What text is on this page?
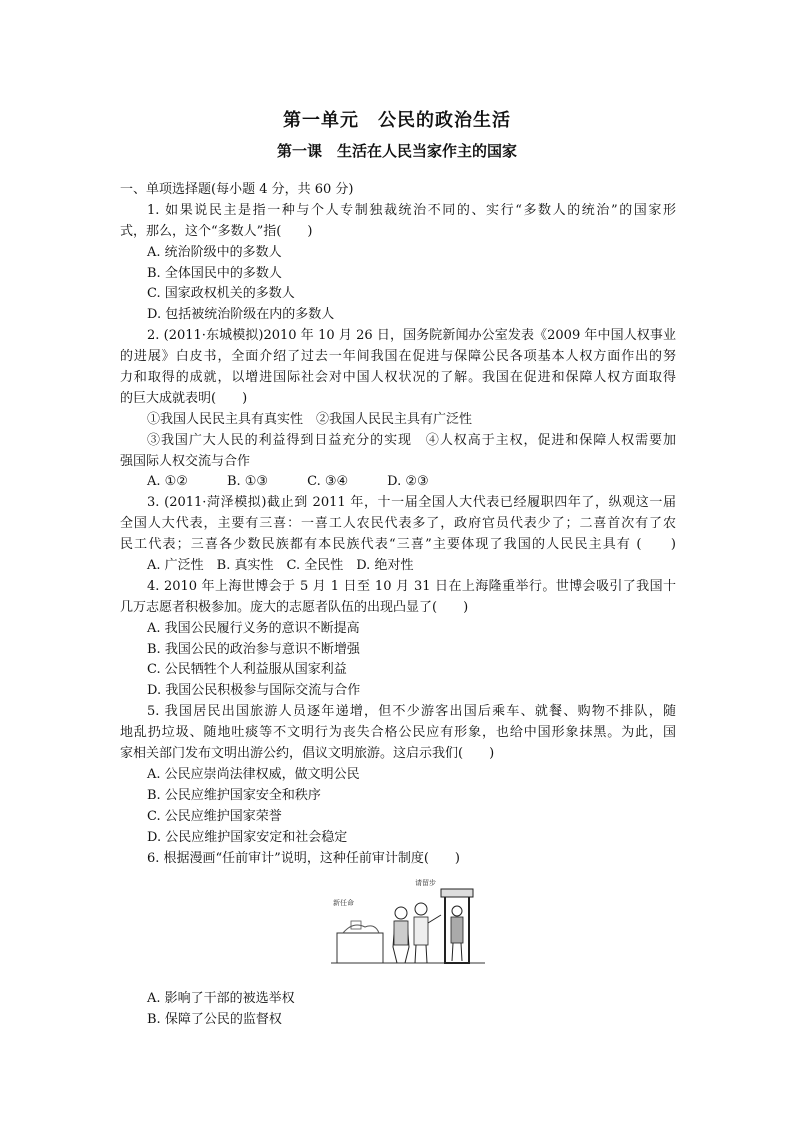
第一单元　公民的政治生活
第一课　生活在人民当家作主的国家
一、单项选择题(每小题 4 分，共 60 分)
1. 如果说民主是指一种与个人专制独裁统治不同的、实行“多数人的统治”的国家形
式，那么，这个“多数人”指(　　)
A. 统治阶级中的多数人
B. 全体国民中的多数人
C. 国家政权机关的多数人
D. 包括被统治阶级在内的多数人
2. (2011·东城模拟)2010 年 10 月 26 日，国务院新闻办公室发表《2009 年中国人权事业
的进展》白皮书，全面介绍了过去一年间我国在促进与保障公民各项基本人权方面作出的努
力和取得的成就，以增进国际社会对中国人权状况的了解。我国在促进和保障人权方面取得
的巨大成就表明(　　)
①我国人民民主具有真实性　②我国人民民主具有广泛性
③我国广大人民的利益得到日益充分的实现　④人权高于主权，促进和保障人权需要加
强国际人权交流与合作
A. ①②　　　B. ①③　　　C. ③④　　　D. ②③
3. (2011·菏泽模拟)截止到 2011 年，十一届全国人大代表已经履职四年了，纵观这一届
全国人大代表，主要有三喜：一喜工人农民代表多了，政府官员代表少了；二喜首次有了农
民工代表；三喜各少数民族都有本民族代表“三喜”主要体现了我国的人民民主具有 (　　)
A. 广泛性　B. 真实性　C. 全民性　D. 绝对性
4. 2010 年上海世博会于 5 月 1 日至 10 月 31 日在上海隆重举行。世博会吸引了我国十
几万志愿者积极参加。庞大的志愿者队伍的出现凸显了(　　)
A. 我国公民履行义务的意识不断提高
B. 我国公民的政治参与意识不断增强
C. 公民牺牲个人利益服从国家利益
D. 我国公民积极参与国际交流与合作
5. 我国居民出国旅游人员逐年递增，但不少游客出国后乘车、就餐、购物不排队，随
地乱扔垃圾、随地吐痰等不文明行为丧失合格公民应有形象，也给中国形象抹黑。为此，国
家相关部门发布文明出游公约，倡议文明旅游。这启示我们(　　)
A. 公民应崇尚法律权威，做文明公民
B. 公民应维护国家安全和秩序
C. 公民应维护国家荣誉
D. 公民应维护国家安定和社会稳定
6. 根据漫画“任前审计”说明，这种任前审计制度(　　)
新任命
请留步
A. 影响了干部的被选举权
B. 保障了公民的监督权
